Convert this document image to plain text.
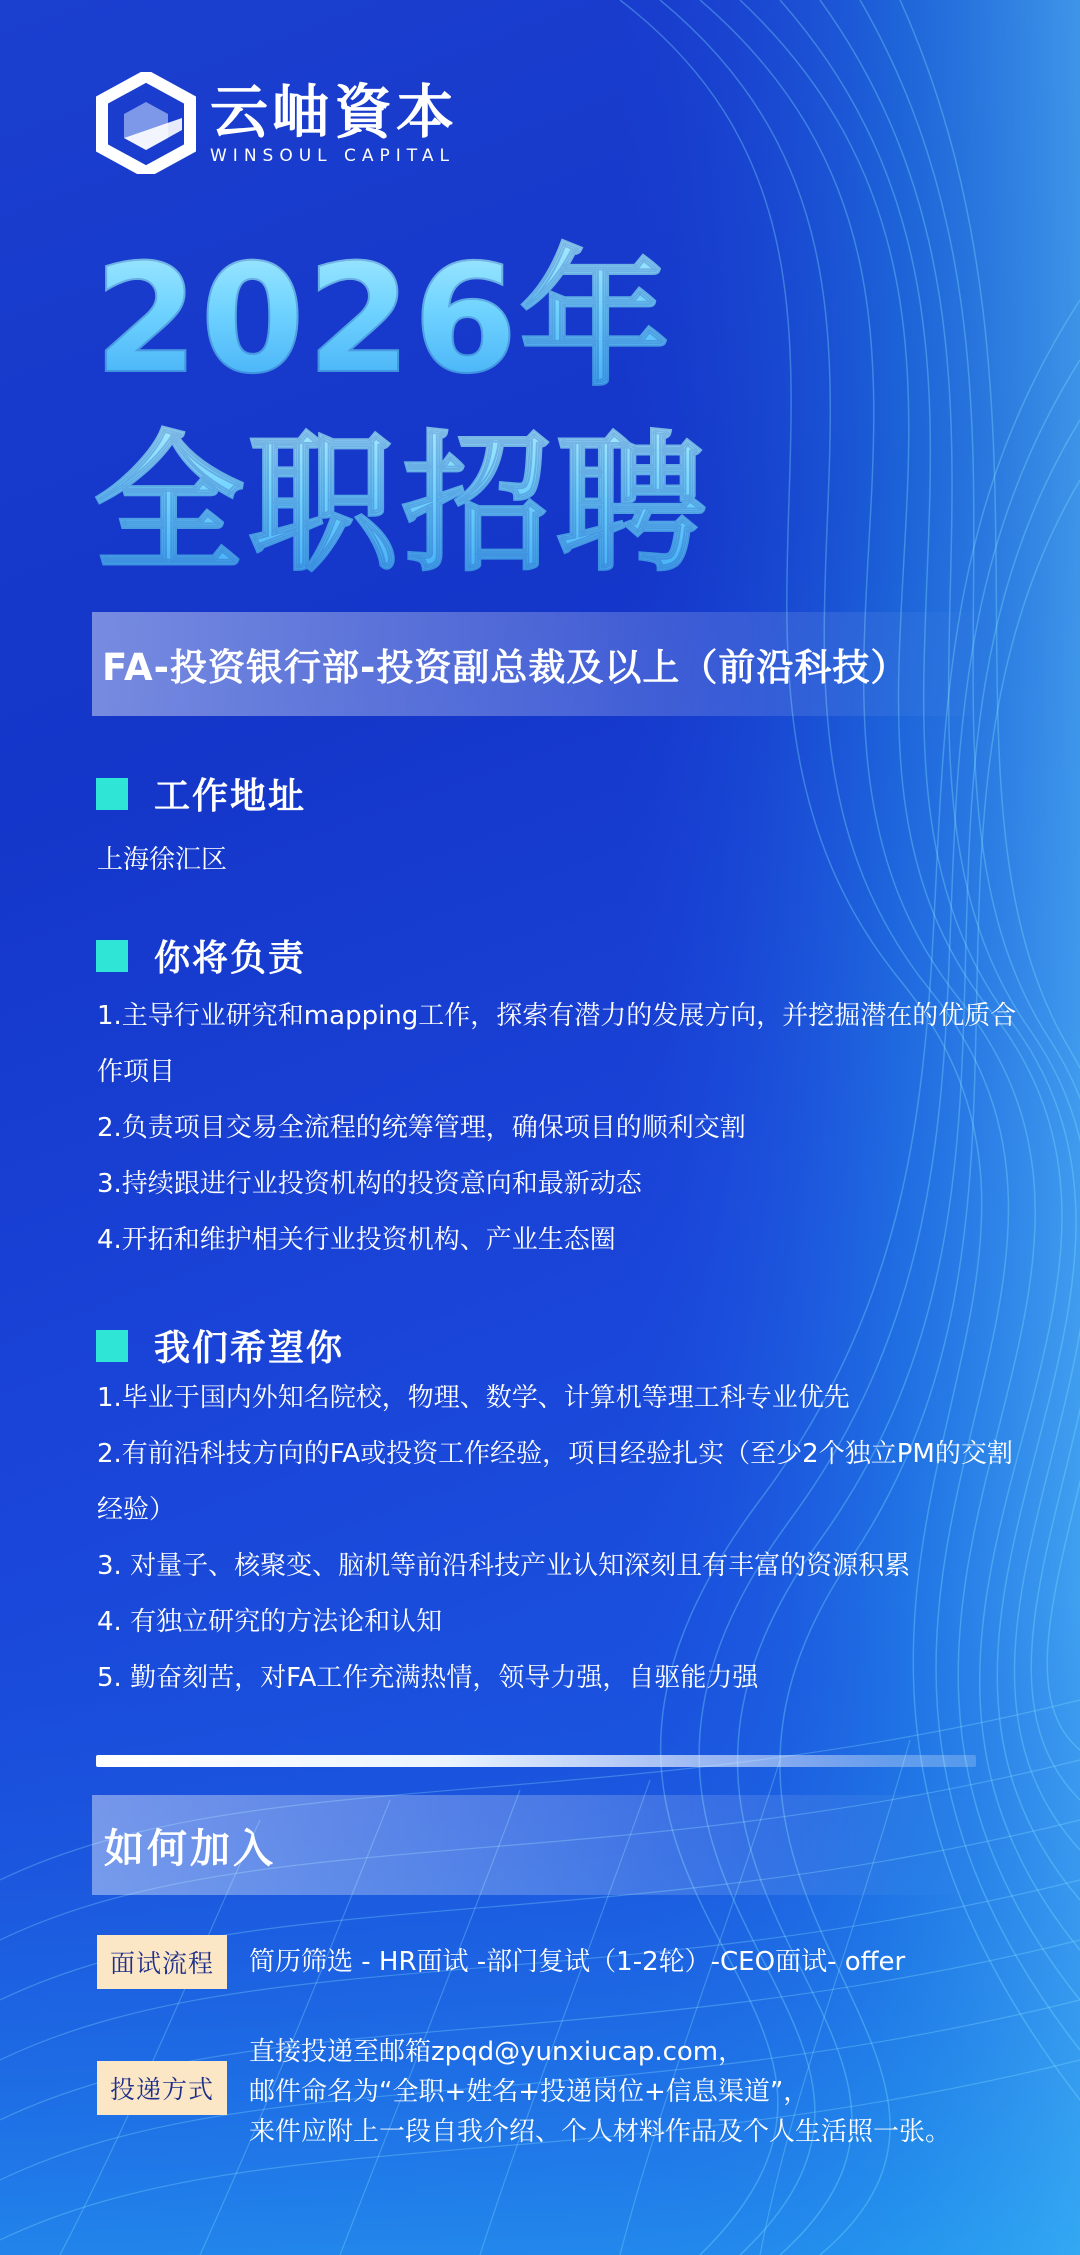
云岫資本
WINSOUL CAPITAL
2026年
全职招聘
FA-投资银行部-投资副总裁及以上（前沿科技）
工作地址
上海徐汇区
你将负责
1.主导行业研究和mapping工作，探索有潜力的发展方向，并挖掘潜在的优质合作项目
2.负责项目交易全流程的统筹管理，确保项目的顺利交割
3.持续跟进行业投资机构的投资意向和最新动态
4.开拓和维护相关行业投资机构、产业生态圈
我们希望你
1.毕业于国内外知名院校，物理、数学、计算机等理工科专业优先
2.有前沿科技方向的FA或投资工作经验，项目经验扎实（至少2个独立PM的交割经验）
3. 对量子、核聚变、脑机等前沿科技产业认知深刻且有丰富的资源积累
4. 有独立研究的方法论和认知
5. 勤奋刻苦，对FA工作充满热情，领导力强，自驱能力强
如何加入
面试流程	简历筛选 - HR面试 -部门复试（1-2轮）-CEO面试- offer
投递方式
直接投递至邮箱zpqd@yunxiucap.com，
邮件命名为“全职+姓名+投递岗位+信息渠道”，
来件应附上一段自我介绍、个人材料作品及个人生活照一张。
